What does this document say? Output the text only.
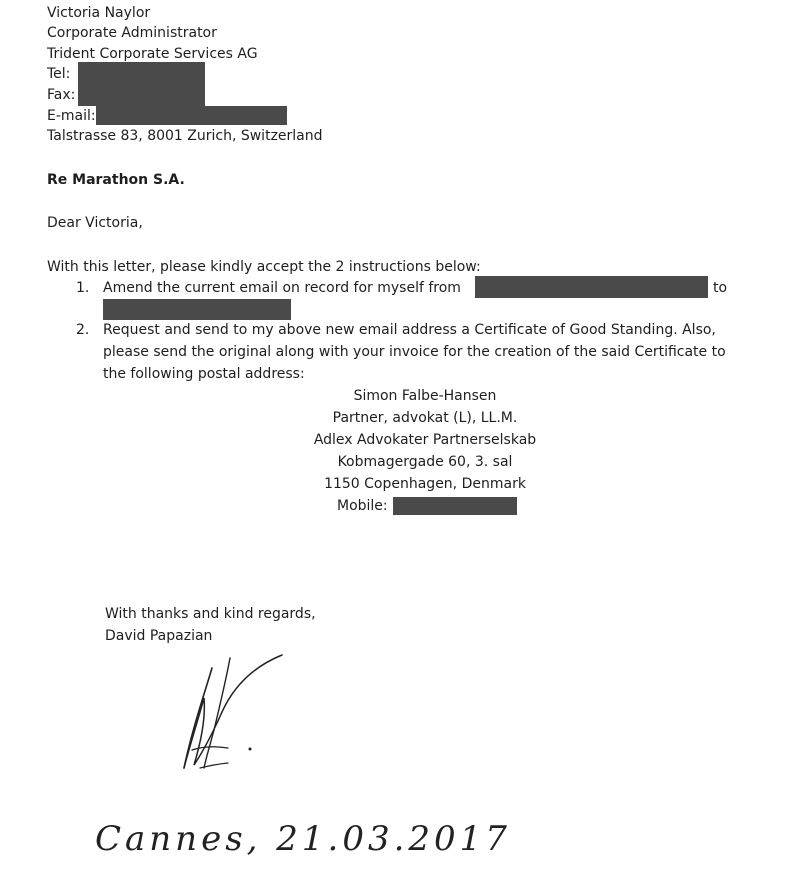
Victoria Naylor
Corporate Administrator
Trident Corporate Services AG
Tel:
Fax:
E-mail:
Talstrasse 83, 8001 Zurich, Switzerland
Re Marathon S.A.
Dear Victoria,
With this letter, please kindly accept the 2 instructions below:
1. Amend the current email on record for myself from	to
2. Request and send to my above new email address a Certificate of Good Standing. Also,
please send the original along with your invoice for the creation of the said Certificate to
the following postal address:
Simon Falbe-Hansen
Partner, advokat (L), LL.M.
Adlex Advokater Partnerselskab
Kobmagergade 60, 3. sal
1150 Copenhagen, Denmark
Mobile:
With thanks and kind regards,
David Papazian
Cannes, 21.03.2017
